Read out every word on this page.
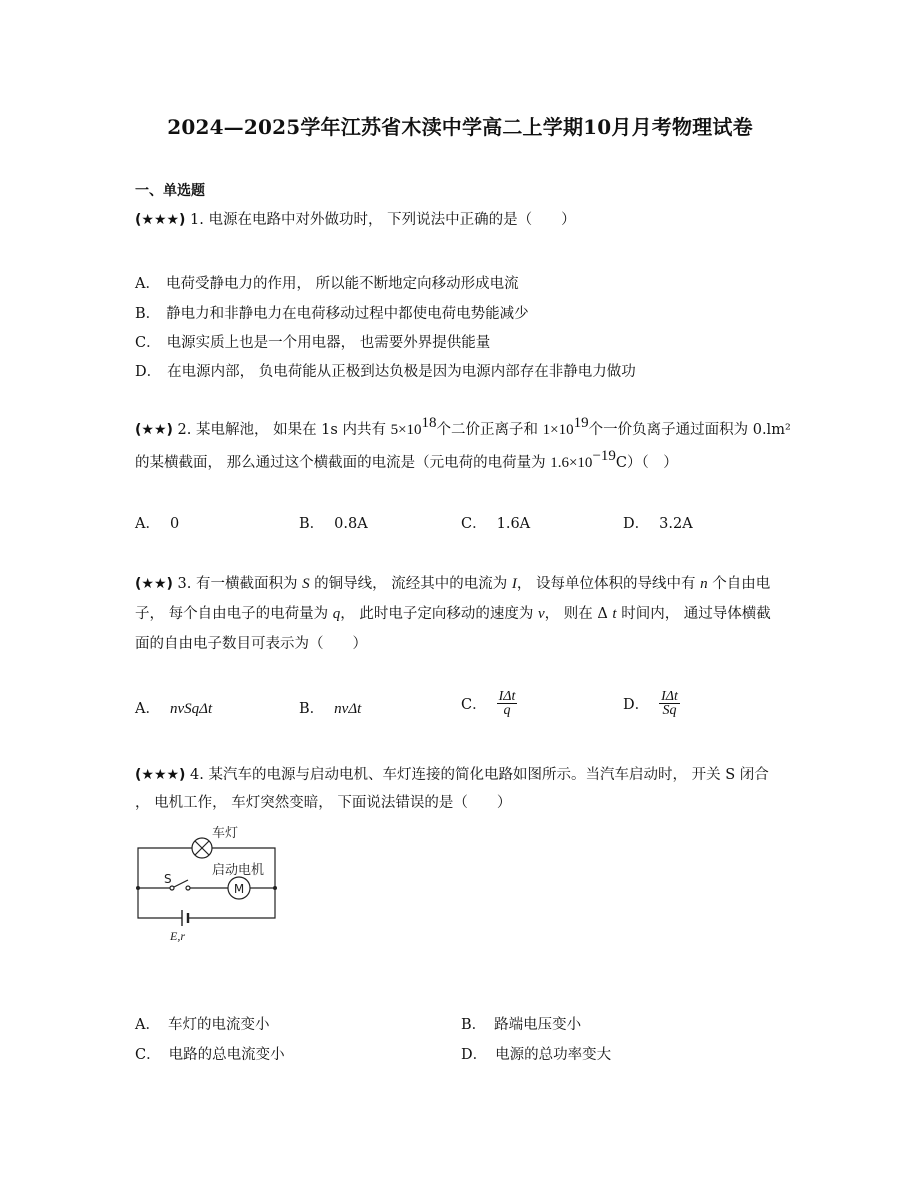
2024—2025学年江苏省木渎中学高二上学期10月月考物理试卷
一、单选题
(★★★) 1. 电源在电路中对外做功时， 下列说法中正确的是（　　）
A． 电荷受静电力的作用， 所以能不断地定向移动形成电流
B． 静电力和非静电力在电荷移动过程中都使电荷电势能减少
C． 电源实质上也是一个用电器， 也需要外界提供能量
D． 在电源内部， 负电荷能从正极到达负极是因为电源内部存在非静电力做功
(★★) 2. 某电解池， 如果在 1s 内共有 $5\times 10^{18}$个二价正离子和 $1\times 10^{19}$个一价负离子通过面积为 0.lm²
的某横截面， 那么通过这个横截面的电流是（元电荷的电荷量为 $1.6\times 10^{-19}C$）（　）
A． 0	B． 0.8A	C． 1.6A	D． 3.2A
(★★) 3. 有一横截面积为 S 的铜导线， 流经其中的电流为 I， 设每单位体积的导线中有 n 个自由电
子， 每个自由电子的电荷量为 q， 此时电子定向移动的速度为 v， 则在 Δ t 时间内， 通过导体横截
面的自由电子数目可表示为（　　）
A． nvSqΔt	B． nvΔt	C． $\frac{\text{IΔt}}{q}$	D． $\frac{\text{IΔt}}{Sq}$
(★★★) 4. 某汽车的电源与启动电机、车灯连接的简化电路如图所示。当汽车启动时， 开关 S 闭合
， 电机工作， 车灯突然变暗， 下面说法错误的是（　　）
车灯
启动电机
M
S
E,r
A． 车灯的电流变小	B． 路端电压变小
C． 电路的总电流变小	D． 电源的总功率变大
